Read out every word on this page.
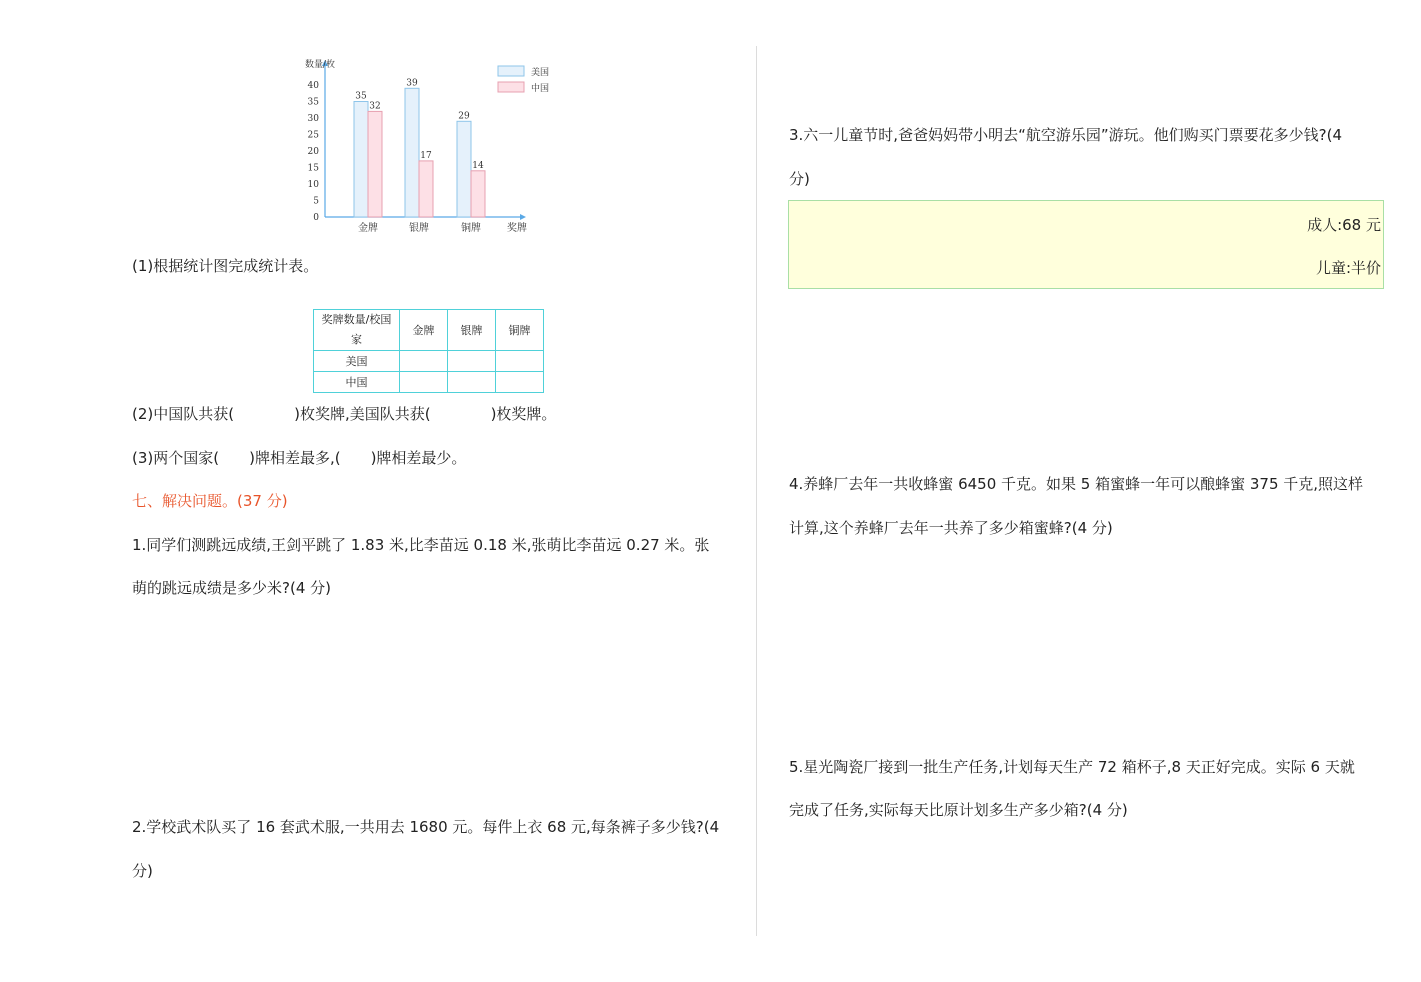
数量/枚
0
5
10
15
20
25
30
35
40
35
32
金牌
39
17
银牌
29
14
铜牌	奖牌
美国
中国
(1)根据统计图完成统计表。
奖牌数量/校国
家	金牌	银牌	铜牌
美国			
中国			
(2)中国队共获(　　　　)枚奖牌,美国队共获(　　　　)枚奖牌。
(3)两个国家(　　)牌相差最多,(　　)牌相差最少。
七、解决问题。(37 分)
1.同学们测跳远成绩,王剑平跳了 1.83 米,比李苗远 0.18 米,张萌比李苗远 0.27 米。张
萌的跳远成绩是多少米?(4 分)
2.学校武术队买了 16 套武术服,一共用去 1680 元。每件上衣 68 元,每条裤子多少钱?(4
分)
3.六一儿童节时,爸爸妈妈带小明去“航空游乐园”游玩。他们购买门票要花多少钱?(4
分)
成人:68 元
儿童:半价
4.养蜂厂去年一共收蜂蜜 6450 千克。如果 5 箱蜜蜂一年可以酿蜂蜜 375 千克,照这样
计算,这个养蜂厂去年一共养了多少箱蜜蜂?(4 分)
5.星光陶瓷厂接到一批生产任务,计划每天生产 72 箱杯子,8 天正好完成。实际 6 天就
完成了任务,实际每天比原计划多生产多少箱?(4 分)
